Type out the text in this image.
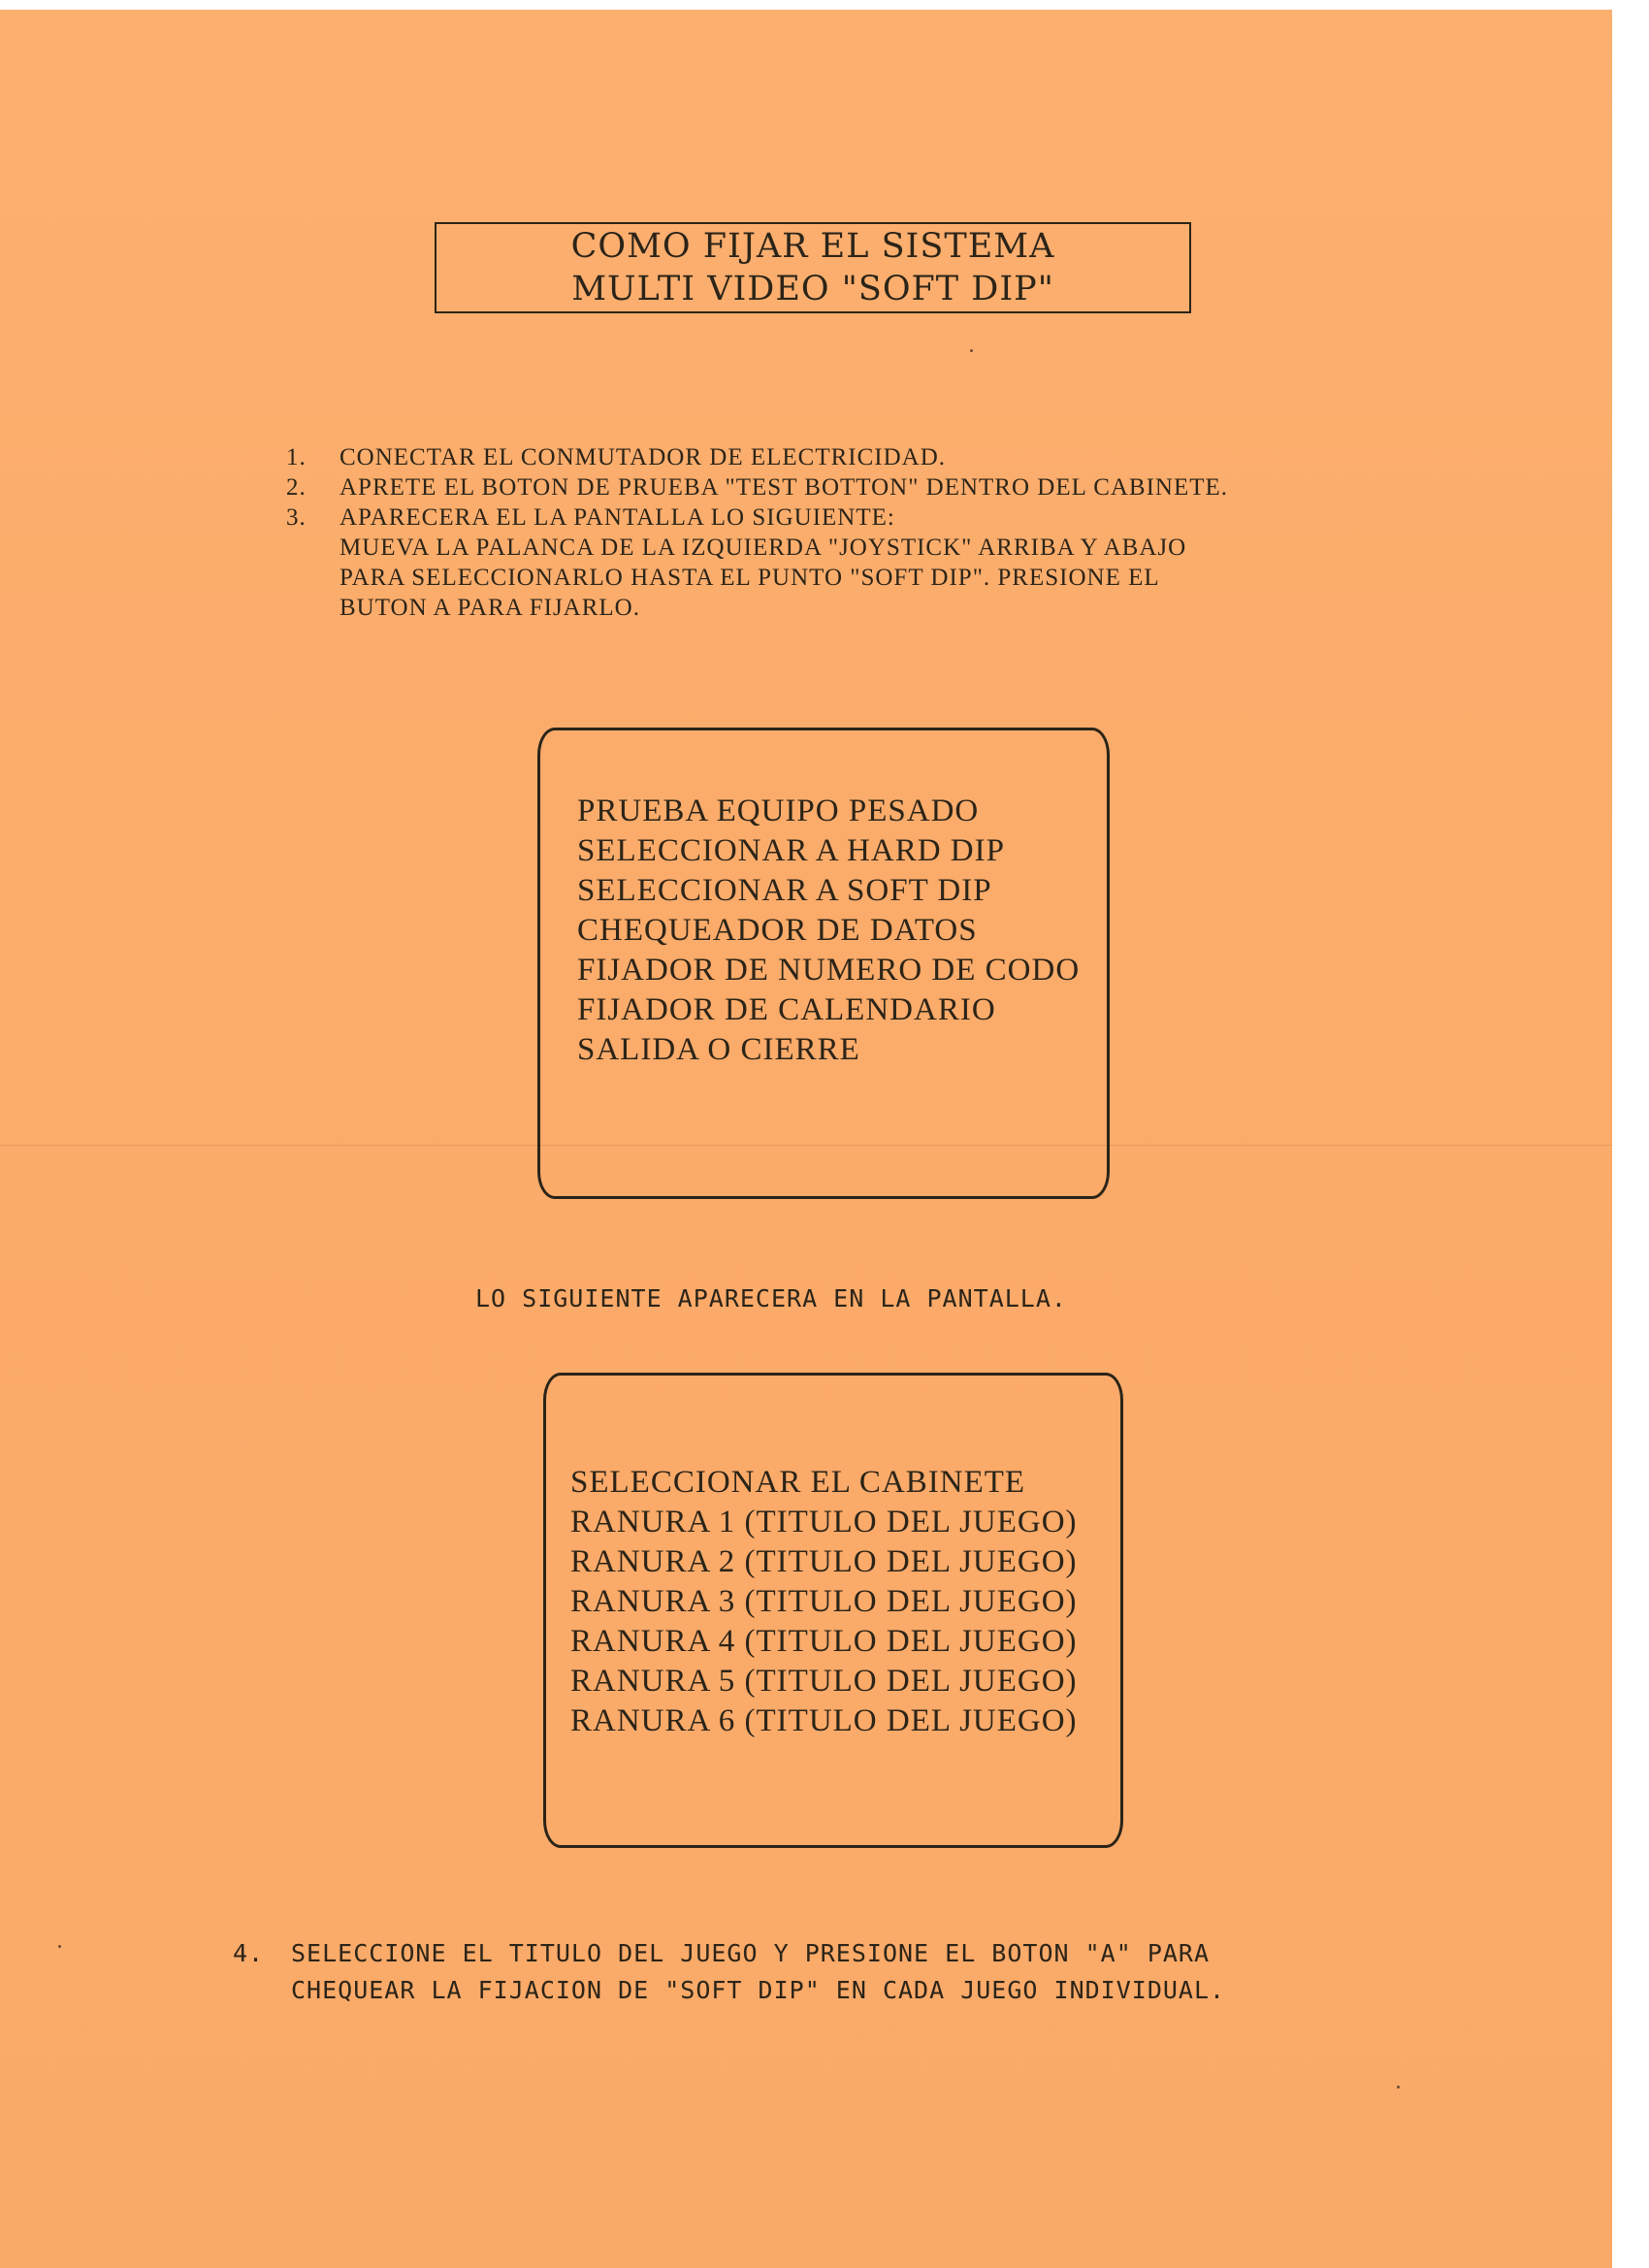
COMO FIJAR EL SISTEMA
MULTI VIDEO "SOFT DIP"
1.	CONECTAR EL CONMUTADOR DE ELECTRICIDAD.
2.	APRETE EL BOTON DE PRUEBA "TEST BOTTON" DENTRO DEL CABINETE.
3.	APARECERA EL LA PANTALLA LO SIGUIENTE:
MUEVA LA PALANCA DE LA IZQUIERDA "JOYSTICK" ARRIBA Y ABAJO
PARA SELECCIONARLO HASTA EL PUNTO "SOFT DIP". PRESIONE EL
BUTON A PARA FIJARLO.
PRUEBA EQUIPO PESADO
SELECCIONAR A HARD DIP
SELECCIONAR A SOFT DIP
CHEQUEADOR DE DATOS
FIJADOR DE NUMERO DE CODO
FIJADOR DE CALENDARIO
SALIDA O CIERRE
LO SIGUIENTE APARECERA EN LA PANTALLA.
SELECCIONAR EL CABINETE
RANURA 1 (TITULO DEL JUEGO)
RANURA 2 (TITULO DEL JUEGO)
RANURA 3 (TITULO DEL JUEGO)
RANURA 4 (TITULO DEL JUEGO)
RANURA 5 (TITULO DEL JUEGO)
RANURA 6 (TITULO DEL JUEGO)
4.	SELECCIONE EL TITULO DEL JUEGO Y PRESIONE EL BOTON "A" PARA
CHEQUEAR LA FIJACION DE "SOFT DIP" EN CADA JUEGO INDIVIDUAL.
